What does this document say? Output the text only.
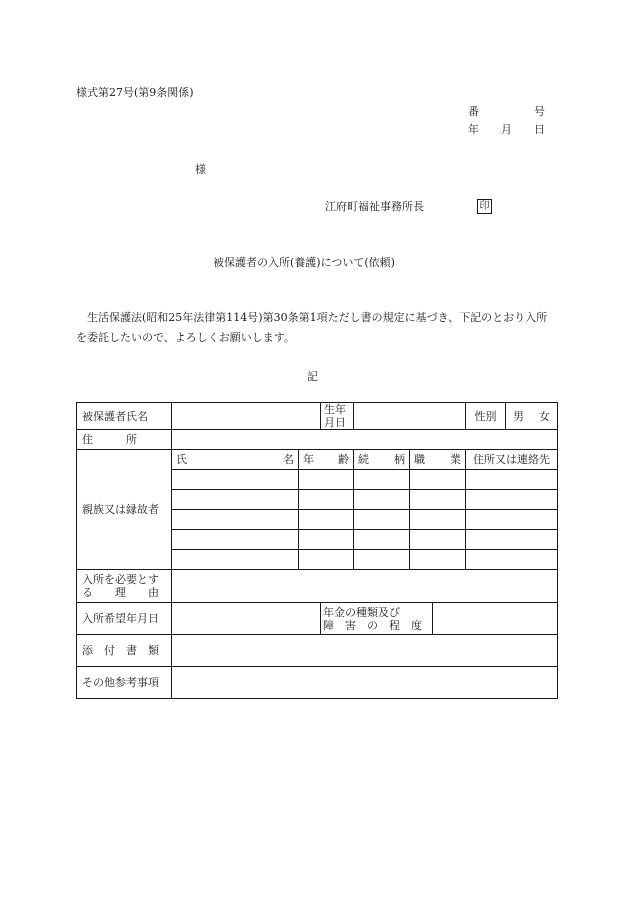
様式第27号(第9条関係)
番　　　　　号
年　　月　　日
様
江府町福祉事務所長	印
被保護者の入所(養護)について(依頼)
生活保護法(昭和25年法律第114号)第30条第1項ただし書の規定に基づき、下記のとおり入所を委託したいので、よろしくお願いします。
記
被保護者氏名			生年月日				性別	男 女

住　　　所								
親族又は縁故者	氏 名	年 齢		続 柄	職 業		住所又は連絡先	

入所を必要とす
る　　理　　由								

入所希望年月日			年金の種類及び
障　害　の　程　度					

添　付　書　類								
その他参考事項								
